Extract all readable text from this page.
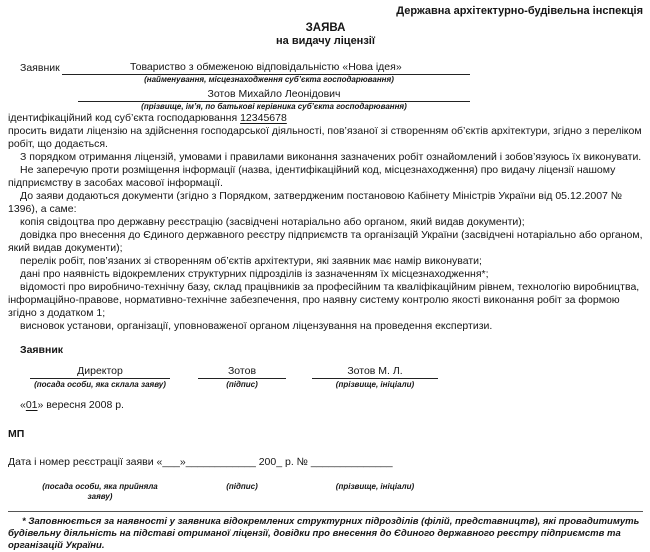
Державна архітектурно-будівельна інспекція
ЗАЯВА
на видачу ліцензії
Заявник	Товариство з обмеженою відповідальністю «Нова ідея»
(найменування, місцезнаходження суб’єкта господарювання)
Зотов Михайло Леонідович
(прізвище, ім’я, по батькові керівника суб’єкта господарювання)

ідентифікаційний код суб’єкта господарювання 12345678

просить видати ліцензію на здійснення господарської діяльності, пов’язаної зі створенням об’єктів архітектури, згідно з переліком робіт, що додається.

З порядком отримання ліцензій, умовами і правилами виконання зазначених робіт ознайомлений і зобов’язуюсь їх виконувати.

Не заперечую проти розміщення інформації (назва, ідентифікаційний код, місцезнаходження) про видачу ліцензії нашому підприємству в засобах масової інформації.

До заяви додаються документи (згідно з Порядком, затвердженим постановою Кабінету Міністрів України від 05.12.2007 № 1396), а саме:

копія свідоцтва про державну реєстрацію (засвідчені нотаріально або органом, який видав документи);

довідка про внесення до Єдиного державного реєстру підприємств та організацій України (засвідчені нотаріально або органом, який видав документи);

перелік робіт, пов’язаних зі створенням об’єктів архітектури, які заявник має намір виконувати;

дані про наявність відокремлених структурних підрозділів із зазначенням їх місцезнаходження*;

відомості про виробничо-технічну базу, склад працівників за професійним та кваліфікаційним рівнем, технологію виробництва, інформаційно-правове, нормативно-технічне забезпечення, про наявну систему контролю якості виконання робіт за формою згідно з додатком 1;

висновок установи, організації, уповноваженої органом ліцензування на проведення експертизи.

Заявник
Директор	Зотов	Зотов М. Л.
(посада особи, яка склала заяву)	(підпис)	(прізвище, ініціали)

«01» вересня 2008 р.

МП

Дата і номер реєстрації заяви «___»____________ 200_ р. № ______________

(посада особи, яка прийняла заяву)
(підпис)	(прізвище, ініціали)
* Заповнюється за наявності у заявника відокремлених структурних підрозділів (філій, представництв), які провадитимуть будівельну діяльність на підставі отриманої ліцензії, довідки про внесення до Єдиного державного реєстру підприємств та організацій України.
